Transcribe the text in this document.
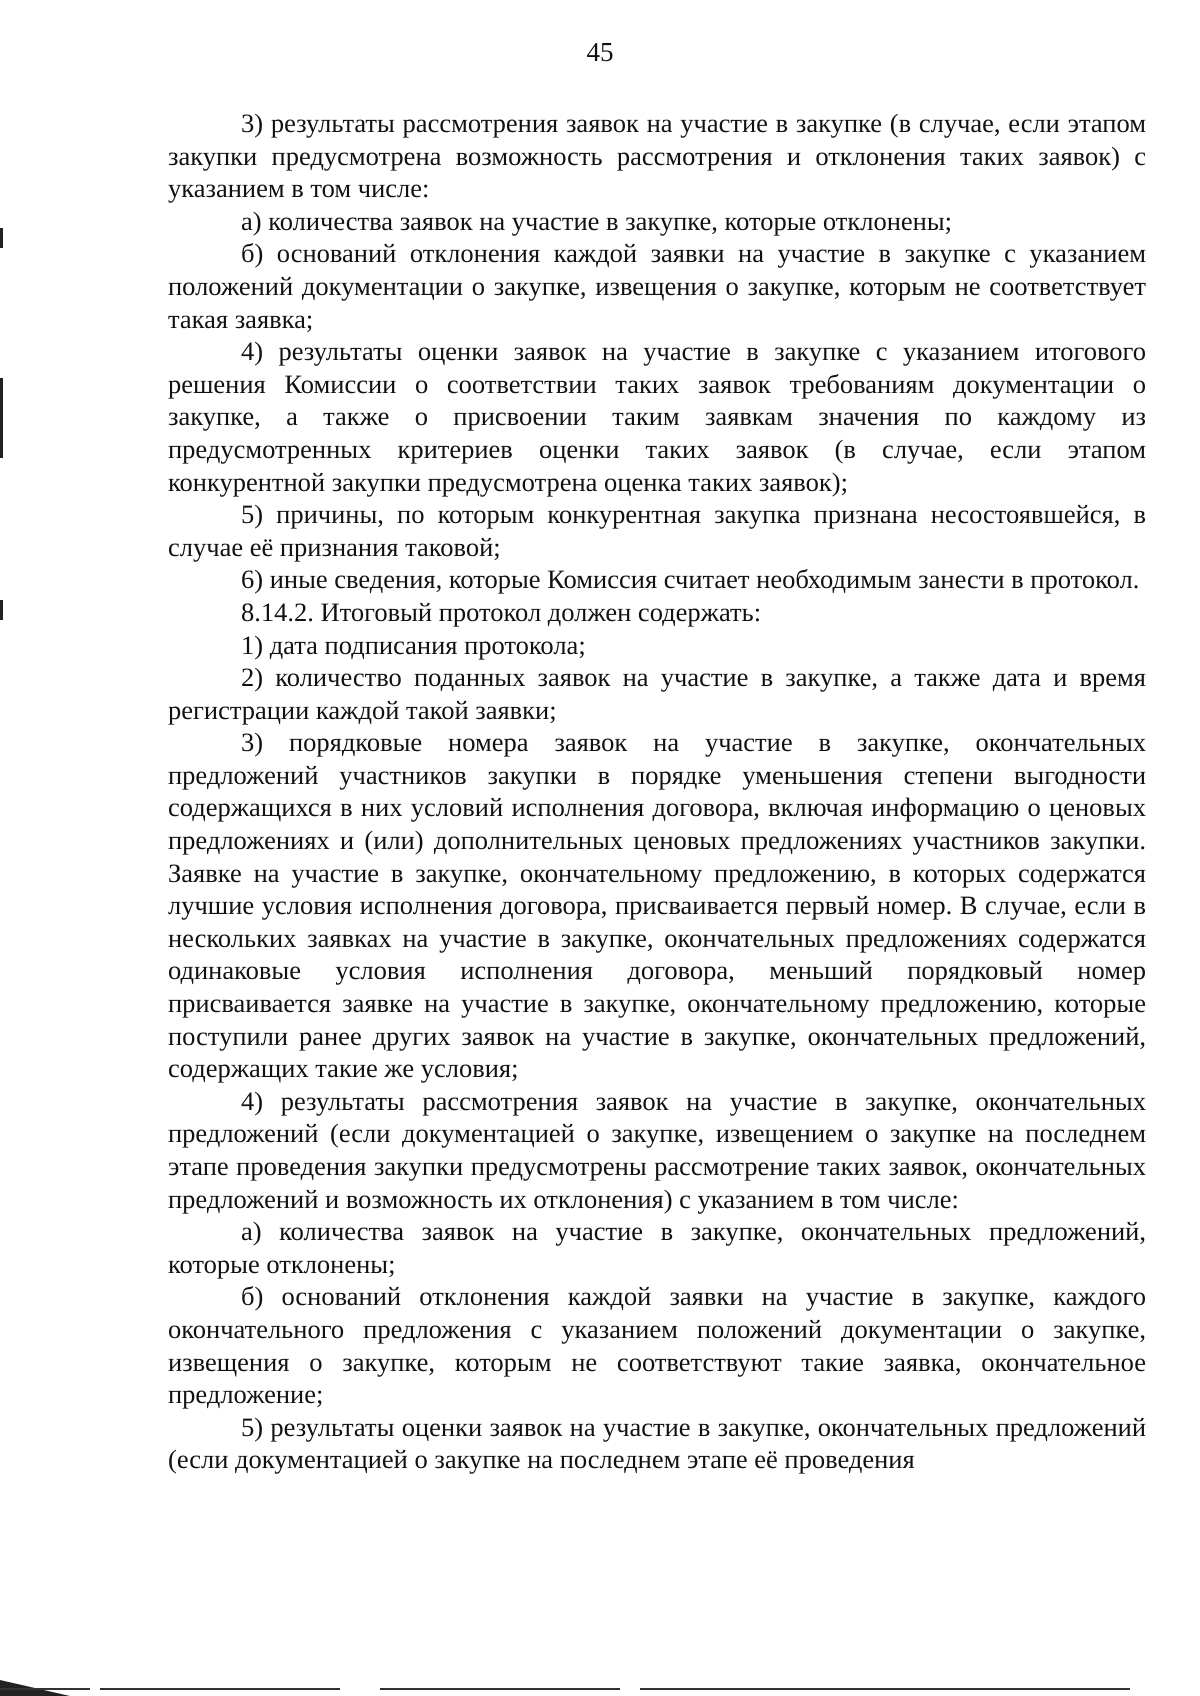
45

3) результаты рассмотрения заявок на участие в закупке (в случае, если этапом закупки предусмотрена возможность рассмотрения и отклонения таких заявок) с указанием в том числе:

а) количества заявок на участие в закупке, которые отклонены;

б) оснований отклонения каждой заявки на участие в закупке с указанием положений документации о закупке, извещения о закупке, которым не соответствует такая заявка;

4) результаты оценки заявок на участие в закупке с указанием итогового решения Комиссии о соответствии таких заявок требованиям документации о закупке, а также о присвоении таким заявкам значения по каждому из предусмотренных критериев оценки таких заявок (в случае, если этапом конкурентной закупки предусмотрена оценка таких заявок);

5) причины, по которым конкурентная закупка признана несостоявшейся, в случае её признания таковой;

6) иные сведения, которые Комиссия считает необходимым занести в протокол.

8.14.2. Итоговый протокол должен содержать:

1) дата подписания протокола;

2) количество поданных заявок на участие в закупке, а также дата и время регистрации каждой такой заявки;

3) порядковые номера заявок на участие в закупке, окончательных предложений участников закупки в порядке уменьшения степени выгодности содержащихся в них условий исполнения договора, включая информацию о ценовых предложениях и (или) дополнительных ценовых предложениях участников закупки. Заявке на участие в закупке, окончательному предложению, в которых содержатся лучшие условия исполнения договора, присваивается первый номер. В случае, если в нескольких заявках на участие в закупке, окончательных предложениях содержатся одинаковые условия исполнения договора, меньший порядковый номер присваивается заявке на участие в закупке, окончательному предложению, которые поступили ранее других заявок на участие в закупке, окончательных предложений, содержащих такие же условия;

4) результаты рассмотрения заявок на участие в закупке, окончательных предложений (если документацией о закупке, извещением о закупке на последнем этапе проведения закупки предусмотрены рассмотрение таких заявок, окончательных предложений и возможность их отклонения) с указанием в том числе:

а) количества заявок на участие в закупке, окончательных предложений, которые отклонены;

б) оснований отклонения каждой заявки на участие в закупке, каждого окончательного предложения с указанием положений документации о закупке, извещения о закупке, которым не соответствуют такие заявка, окончательное предложение;

5) результаты оценки заявок на участие в закупке, окончательных предложений (если документацией о закупке на последнем этапе её проведения
